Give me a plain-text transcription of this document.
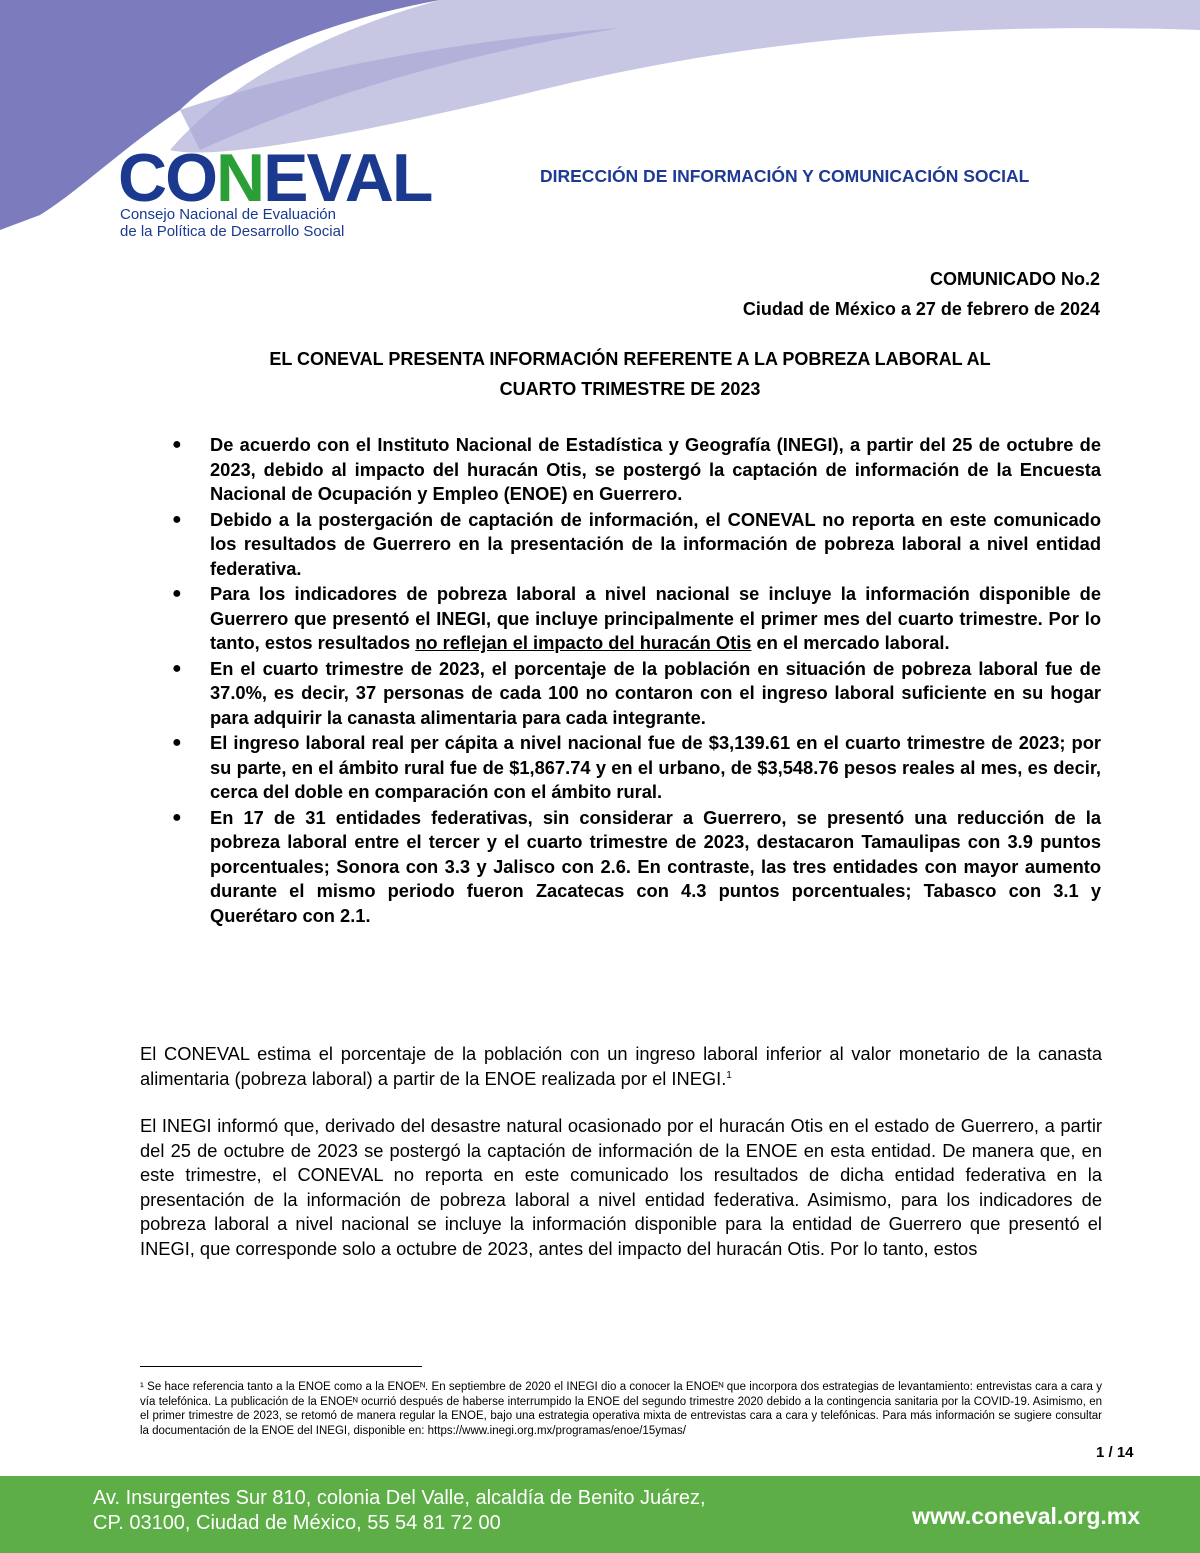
CONEVAL
Consejo Nacional de Evaluación
de la Política de Desarrollo Social
DIRECCIÓN DE INFORMACIÓN Y COMUNICACIÓN SOCIAL
COMUNICADO No.2
Ciudad de México a 27 de febrero de 2024
EL CONEVAL PRESENTA INFORMACIÓN REFERENTE A LA POBREZA LABORAL AL
CUARTO TRIMESTRE DE 2023
● De acuerdo con el Instituto Nacional de Estadística y Geografía (INEGI), a partir del 25 de octubre de 2023, debido al impacto del huracán Otis, se postergó la captación de información de la Encuesta Nacional de Ocupación y Empleo (ENOE) en Guerrero.
● Debido a la postergación de captación de información, el CONEVAL no reporta en este comunicado los resultados de Guerrero en la presentación de la información de pobreza laboral a nivel entidad federativa.
● Para los indicadores de pobreza laboral a nivel nacional se incluye la información disponible de Guerrero que presentó el INEGI, que incluye principalmente el primer mes del cuarto trimestre. Por lo tanto, estos resultados no reflejan el impacto del huracán Otis en el mercado laboral.
● En el cuarto trimestre de 2023, el porcentaje de la población en situación de pobreza laboral fue de 37.0%, es decir, 37 personas de cada 100 no contaron con el ingreso laboral suficiente en su hogar para adquirir la canasta alimentaria para cada integrante.
● El ingreso laboral real per cápita a nivel nacional fue de $3,139.61 en el cuarto trimestre de 2023; por su parte, en el ámbito rural fue de $1,867.74 y en el urbano, de $3,548.76 pesos reales al mes, es decir, cerca del doble en comparación con el ámbito rural.
● En 17 de 31 entidades federativas, sin considerar a Guerrero, se presentó una reducción de la pobreza laboral entre el tercer y el cuarto trimestre de 2023, destacaron Tamaulipas con 3.9 puntos porcentuales; Sonora con 3.3 y Jalisco con 2.6. En contraste, las tres entidades con mayor aumento durante el mismo periodo fueron Zacatecas con 4.3 puntos porcentuales; Tabasco con 3.1 y Querétaro con 2.1.

El CONEVAL estima el porcentaje de la población con un ingreso laboral inferior al valor monetario de la canasta alimentaria (pobreza laboral) a partir de la ENOE realizada por el INEGI.$^1$

El INEGI informó que, derivado del desastre natural ocasionado por el huracán Otis en el estado de Guerrero, a partir del 25 de octubre de 2023 se postergó la captación de información de la ENOE en esta entidad. De manera que, en este trimestre, el CONEVAL no reporta en este comunicado los resultados de dicha entidad federativa en la presentación de la información de pobreza laboral a nivel entidad federativa. Asimismo, para los indicadores de pobreza laboral a nivel nacional se incluye la información disponible para la entidad de Guerrero que presentó el INEGI, que corresponde solo a octubre de 2023, antes del impacto del huracán Otis. Por lo tanto, estos

¹ Se hace referencia tanto a la ENOE como a la ENOEᴺ. En septiembre de 2020 el INEGI dio a conocer la ENOEᴺ que incorpora dos estrategias de levantamiento: entrevistas cara a cara y vía telefónica. La publicación de la ENOEᴺ ocurrió después de haberse interrumpido la ENOE del segundo trimestre 2020 debido a la contingencia sanitaria por la COVID-19. Asimismo, en el primer trimestre de 2023, se retomó de manera regular la ENOE, bajo una estrategia operativa mixta de entrevistas cara a cara y telefónicas. Para más información se sugiere consultar la documentación de la ENOE del INEGI, disponible en: https://www.inegi.org.mx/programas/enoe/15ymas/

1 / 14
Av. Insurgentes Sur 810, colonia Del Valle, alcaldía de Benito Juárez,
CP. 03100, Ciudad de México, 55 54 81 72 00	www.coneval.org.mx
